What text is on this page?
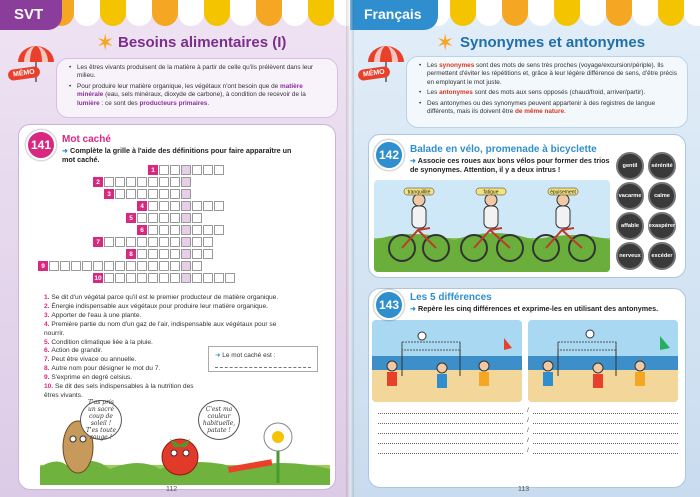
SVT
✶ Besoins alimentaires (I)
MÉMO
• Les êtres vivants produisent de la matière à partir de celle qu'ils prélèvent dans leur milieu.
• Pour produire leur matière organique, les végétaux n'ont besoin que de matière minérale (eau, sels minéraux, dioxyde de carbone), à condition de recevoir de la lumière : ce sont des producteurs primaires.
141	Mot caché
➜ Complète la grille à l'aide des définitions pour faire apparaître un mot caché.
1
2
3
4
5
6
7
8
9
10
1. Se dit d'un végétal parce qu'il est le premier producteur de matière organique.
2. Énergie indispensable aux végétaux pour produire leur matière organique.
3. Apporter de l'eau à une plante.
4. Première partie du nom d'un gaz de l'air, indispensable aux végétaux pour se nourrir.
5. Condition climatique liée à la pluie.
6. Action de grandir.
7. Peut être vivace ou annuelle.
8. Autre nom pour désigner le mot du 7.
9. S'exprime en degré celsius.
10. Se dit des sels indispensables à la nutrition des êtres vivants.
➜ Le mot caché est :
T'as pris un sacré coup de soleil ! T'es toute rouge !
C'est ma couleur habituelle, patate !
112
Français
✶ Synonymes et antonymes
MÉMO
• Les synonymes sont des mots de sens très proches (voyage/excursion/périple). Ils permettent d'éviter les répétitions et, grâce à leur légère différence de sens, d'être précis en employant le mot juste.
• Les antonymes sont des mots aux sens opposés (chaud/froid, arriver/partir).
• Des antonymes ou des synonymes peuvent appartenir à des registres de langue différents, mais ils doivent être de même nature.
142	Balade en vélo, promenade à bicyclette
➜ Associe ces roues aux bons vélos pour former des trios de synonymes. Attention, il y a deux intrus !
tranquillité	fatigue	épuisement
gentil	sérénité
vacarme	calme
affable	exaspérer
nerveux	excéder
143
Les 5 différences
➜ Repère les cinq différences et exprime-les en utilisant des antonymes.
/
/
/
/
/
113
